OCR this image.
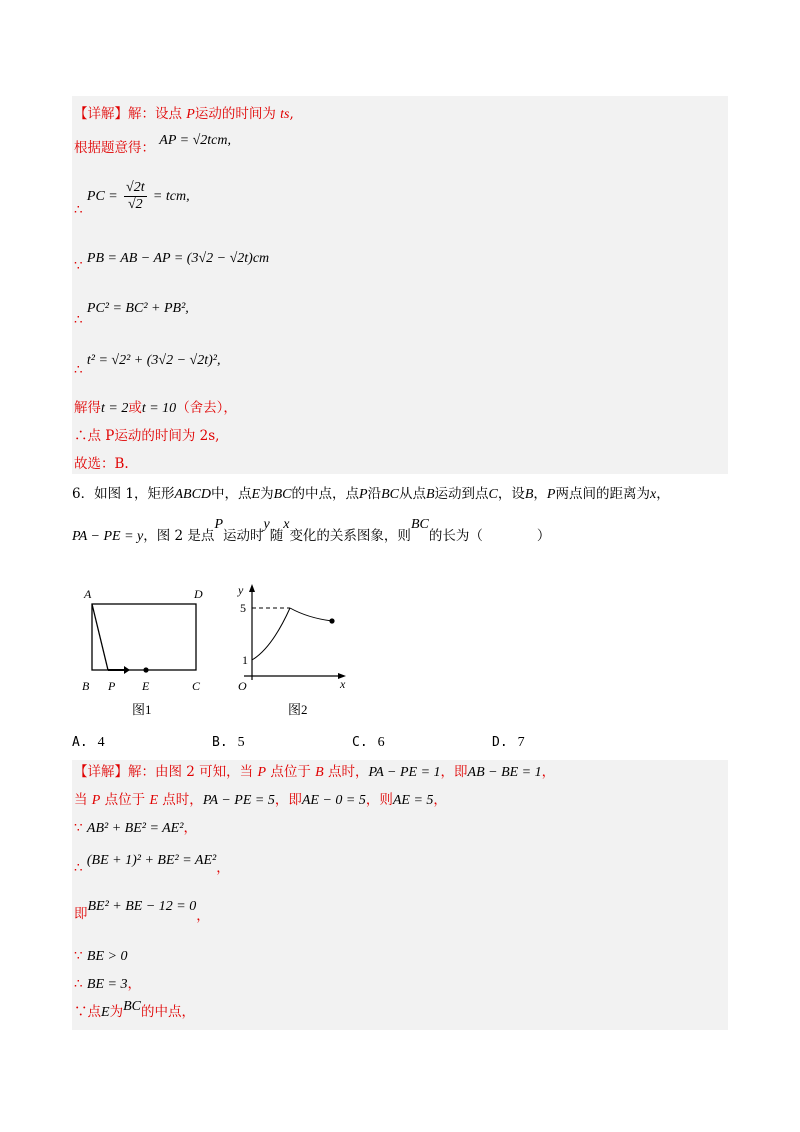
【详解】解：设点 P运动的时间为 ts,
根据题意得： AP = √2tcm,
∴ PC = $\frac{√2t}{√2}$ = tcm,
∵ PB = AB − AP = (3√2 − √2t)cm
∴ PC² = BC² + PB²,
∴ t² = √2² + (3√2 − √2t)²,
解得t = 2或t = 10（舍去），
∴点 P运动的时间为 2s,
故选：B.
6．如图 1，矩形ABCD中，点E为BC的中点，点P沿BC从点B运动到点C，设B，P两点间的距离为x，
PA − PE = y，图 2 是点P运动时y随x变化的关系图象，则BC的长为（　　　　）
A	D
B P E	C
图1
y
5
1
O	x
图2
A. 4	B. 5	C. 6	D. 7
【详解】解：由图 2 可知，当 P 点位于 B 点时，PA − PE = 1，即AB − BE = 1，
当 P 点位于 E 点时，PA − PE = 5，即AE − 0 = 5，则AE = 5，
∵ AB² + BE² = AE²，
∴ (BE + 1)² + BE² = AE²，
即BE² + BE − 12 = 0，
∵ BE > 0
∴ BE = 3，
∵点E为BC的中点，
